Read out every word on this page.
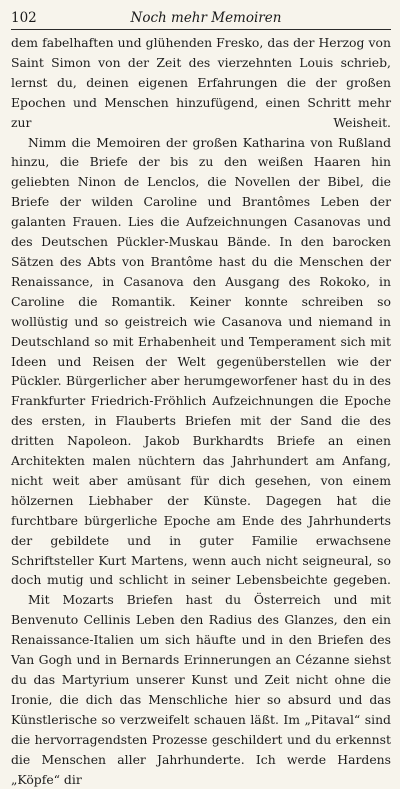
102	Noch mehr Memoiren

dem fabelhaften und glühenden Fresko, das der Herzog von Saint Simon von der Zeit des vierzehnten Louis schrieb, lernst du, deinen eigenen Erfahrungen die der großen Epochen und Menschen hinzufügend, einen Schritt mehr zur Weisheit.

Nimm die Memoiren der großen Katharina von Rußland hinzu, die Briefe der bis zu den weißen Haaren hin geliebten Ninon de Lenclos, die Novellen der Bibel, die Briefe der wilden Caroline und Brantômes Leben der galanten Frauen. Lies die Aufzeichnungen Casanovas und des Deutschen Pückler-Muskau Bände. In den barocken Sätzen des Abts von Brantôme hast du die Menschen der Renaissance, in Casanova den Ausgang des Rokoko, in Caroline die Romantik. Keiner konnte schreiben so wollüstig und so geistreich wie Casanova und niemand in Deutschland so mit Erhabenheit und Temperament sich mit Ideen und Reisen der Welt gegenüberstellen wie der Pückler. Bürgerlicher aber herumgeworfener hast du in des Frankfurter Friedrich-Fröhlich Aufzeichnungen die Epoche des ersten, in Flauberts Briefen mit der Sand die des dritten Napoleon. Jakob Burkhardts Briefe an einen Architekten malen nüchtern das Jahrhundert am Anfang, nicht weit aber amüsant für dich gesehen, von einem hölzernen Liebhaber der Künste. Dagegen hat die furchtbare bürgerliche Epoche am Ende des Jahrhunderts der gebildete und in guter Familie erwachsene Schriftsteller Kurt Martens, wenn auch nicht seigneural, so doch mutig und schlicht in seiner Lebensbeichte gegeben.

Mit Mozarts Briefen hast du Österreich und mit Benvenuto Cellinis Leben den Radius des Glanzes, den ein Renaissance-Italien um sich häufte und in den Briefen des Van Gogh und in Bernards Erinnerungen an Cézanne siehst du das Martyrium unserer Kunst und Zeit nicht ohne die Ironie, die dich das Menschliche hier so absurd und das Künstlerische so verzweifelt schauen läßt. Im „Pitaval“ sind die hervorragendsten Prozesse geschildert und du erkennst die Menschen aller Jahrhunderte. Ich werde Hardens „Köpfe“ dir
